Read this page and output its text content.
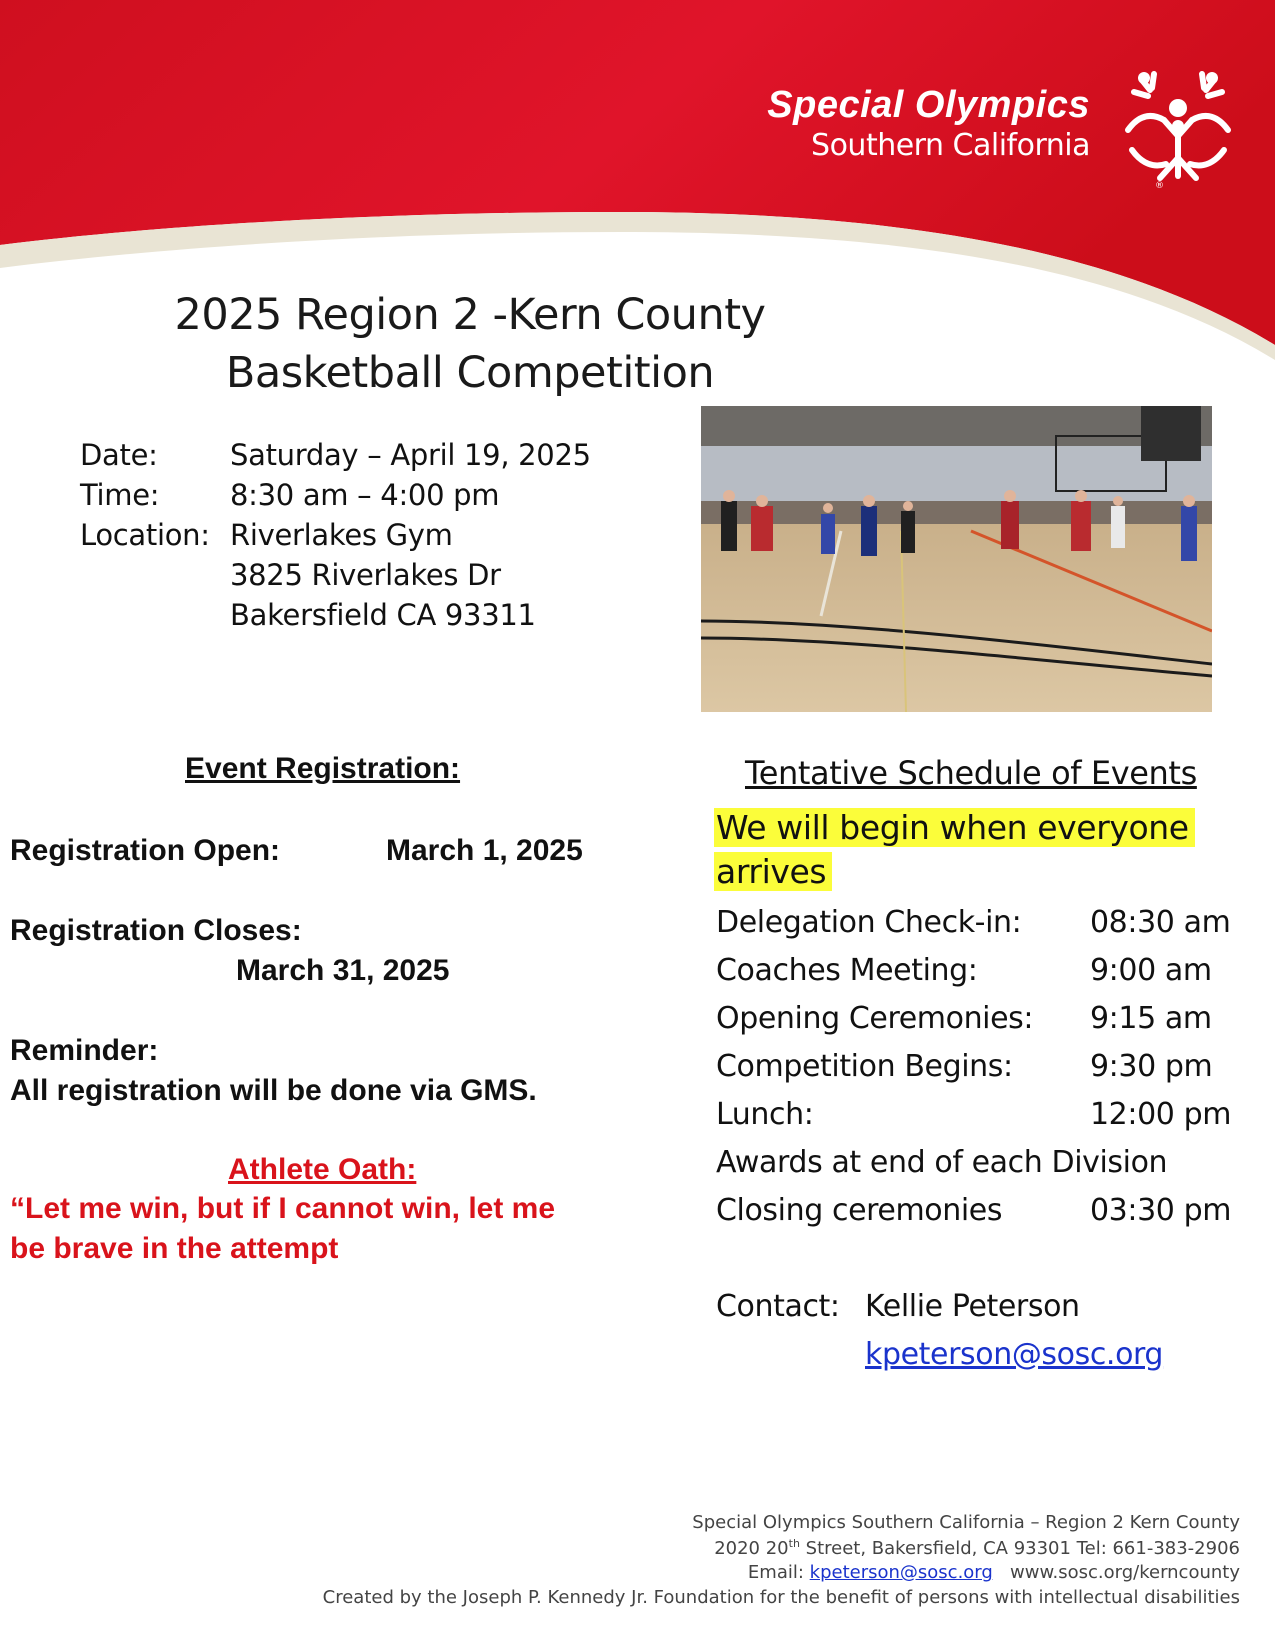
Special Olympics
Southern California
®
2025 Region 2 -Kern County
Basketball Competition
Date: Saturday – April 19, 2025
Time: 8:30 am – 4:00 pm
Location: Riverlakes Gym
3825 Riverlakes Dr
Bakersfield CA 93311
Event Registration:
Registration Open:	March 1, 2025
Registration Closes:
March 31, 2025
Reminder:
All registration will be done via GMS.
Athlete Oath:
“Let me win, but if I cannot win, let me
be brave in the attempt
Tentative Schedule of Events
We will begin when everyone
arrives
Delegation Check-in: 08:30 am
Coaches Meeting:	9:00 am
Opening Ceremonies: 9:15 am
Competition Begins:	9:30 pm
Lunch:	12:00 pm
Awards at end of each Division
Closing ceremonies	03:30 pm
Contact: Kellie Peterson
kpeterson@sosc.org
Special Olympics Southern California – Region 2 Kern County
2020 20th Street, Bakersfield, CA 93301 Tel: 661-383-2906
Email: kpeterson@sosc.org www.sosc.org/kerncounty
Created by the Joseph P. Kennedy Jr. Foundation for the benefit of persons with intellectual disabilities
